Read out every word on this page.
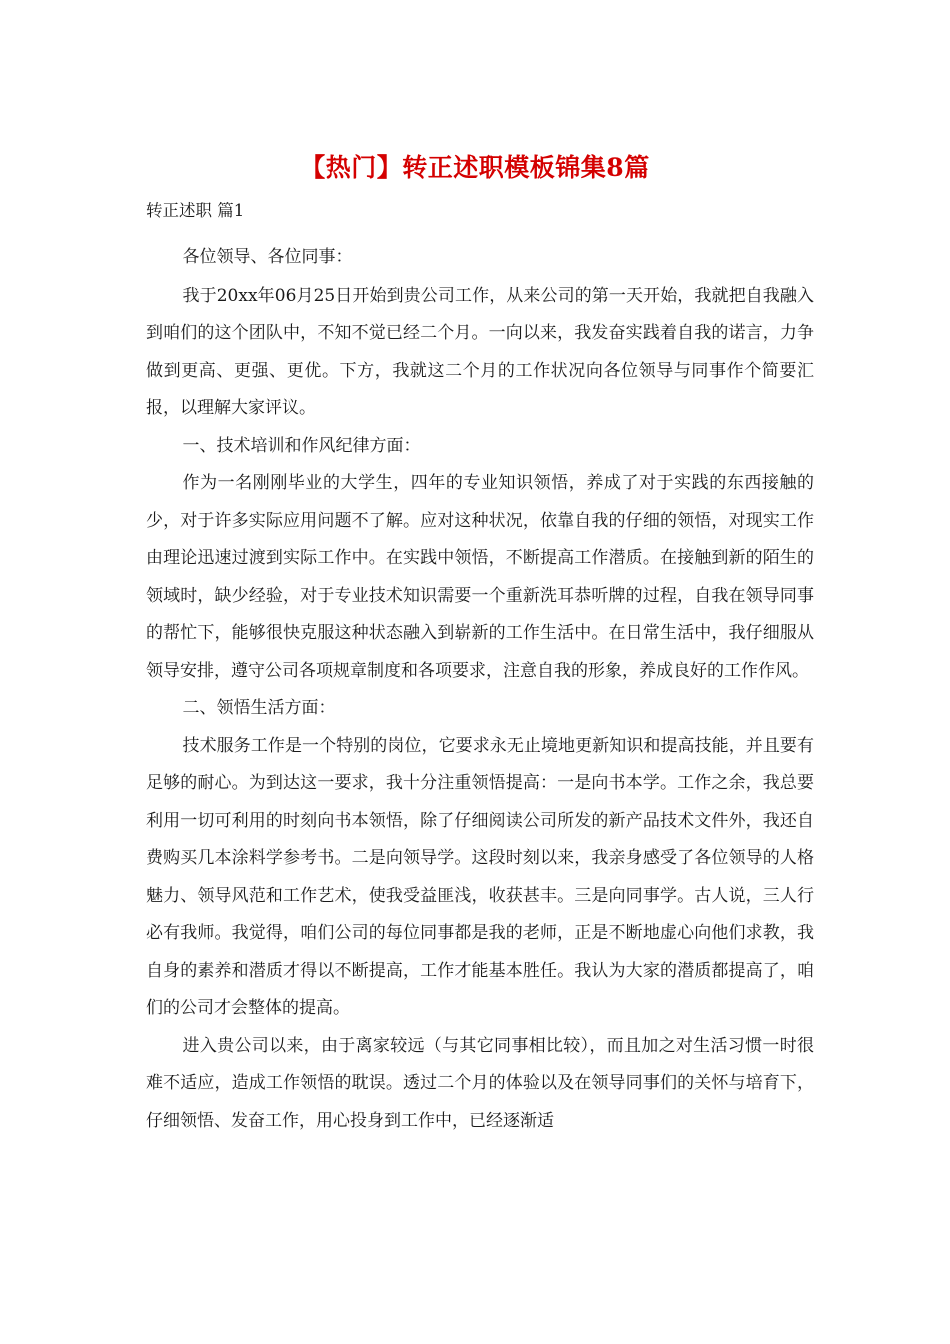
【热门】转正述职模板锦集8篇
转正述职 篇1

各位领导、各位同事：

我于20xx年06月25日开始到贵公司工作，从来公司的第一天开始，我就把自我融入到咱们的这个团队中，不知不觉已经二个月。一向以来，我发奋实践着自我的诺言，力争做到更高、更强、更优。下方，我就这二个月的工作状况向各位领导与同事作个简要汇报，以理解大家评议。

一、技术培训和作风纪律方面：

作为一名刚刚毕业的大学生，四年的专业知识领悟，养成了对于实践的东西接触的少，对于许多实际应用问题不了解。应对这种状况，依靠自我的仔细的领悟，对现实工作由理论迅速过渡到实际工作中。在实践中领悟，不断提高工作潜质。在接触到新的陌生的领域时，缺少经验，对于专业技术知识需要一个重新洗耳恭听牌的过程，自我在领导同事的帮忙下，能够很快克服这种状态融入到崭新的工作生活中。在日常生活中，我仔细服从领导安排，遵守公司各项规章制度和各项要求，注意自我的形象，养成良好的工作作风。

二、领悟生活方面：

技术服务工作是一个特别的岗位，它要求永无止境地更新知识和提高技能，并且要有足够的耐心。为到达这一要求，我十分注重领悟提高：一是向书本学。工作之余，我总要利用一切可利用的时刻向书本领悟，除了仔细阅读公司所发的新产品技术文件外，我还自费购买几本涂料学参考书。二是向领导学。这段时刻以来，我亲身感受了各位领导的人格魅力、领导风范和工作艺术，使我受益匪浅，收获甚丰。三是向同事学。古人说，三人行必有我师。我觉得，咱们公司的每位同事都是我的老师，正是不断地虚心向他们求教，我自身的素养和潜质才得以不断提高，工作才能基本胜任。我认为大家的潜质都提高了，咱们的公司才会整体的提高。

进入贵公司以来，由于离家较远（与其它同事相比较），而且加之对生活习惯一时很难不适应，造成工作领悟的耽误。透过二个月的体验以及在领导同事们的关怀与培育下，仔细领悟、发奋工作，用心投身到工作中，已经逐渐适
